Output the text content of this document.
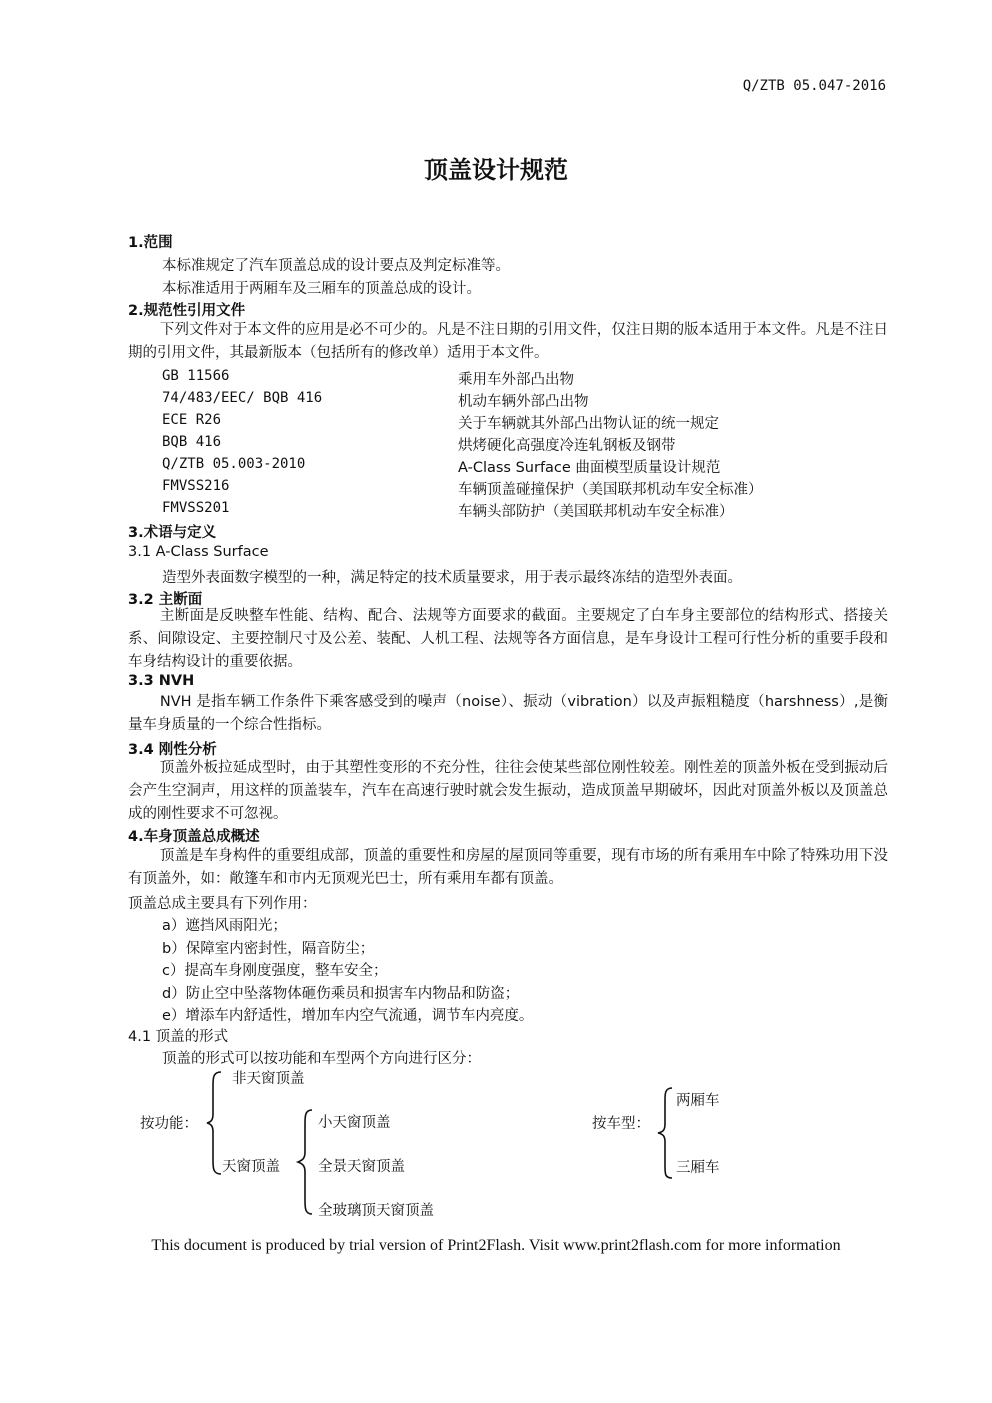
Q/ZTB 05.047-2016
顶盖设计规范
1.范围
本标准规定了汽车顶盖总成的设计要点及判定标准等。
本标准适用于两厢车及三厢车的顶盖总成的设计。
2.规范性引用文件
下列文件对于本文件的应用是必不可少的。凡是不注日期的引用文件，仅注日期的版本适用于本文件。凡是不注日期的引用文件，其最新版本（包括所有的修改单）适用于本文件。
GB 11566	乘用车外部凸出物
74/483/EEC/ BQB 416	机动车辆外部凸出物
ECE R26	关于车辆就其外部凸出物认证的统一规定
BQB 416	烘烤硬化高强度冷连轧钢板及钢带
Q/ZTB 05.003-2010	A-Class Surface 曲面模型质量设计规范
FMVSS216	车辆顶盖碰撞保护（美国联邦机动车安全标准）
FMVSS201	车辆头部防护（美国联邦机动车安全标准）
3.术语与定义
3.1 A-Class Surface
造型外表面数字模型的一种，满足特定的技术质量要求，用于表示最终冻结的造型外表面。
3.2 主断面
主断面是反映整车性能、结构、配合、法规等方面要求的截面。主要规定了白车身主要部位的结构形式、搭接关系、间隙设定、主要控制尺寸及公差、装配、人机工程、法规等各方面信息，是车身设计工程可行性分析的重要手段和车身结构设计的重要依据。
3.3 NVH
NVH 是指车辆工作条件下乘客感受到的噪声（noise）、振动（vibration）以及声振粗糙度（harshness）,是衡量车身质量的一个综合性指标。
3.4 刚性分析
顶盖外板拉延成型时，由于其塑性变形的不充分性，往往会使某些部位刚性较差。刚性差的顶盖外板在受到振动后会产生空洞声，用这样的顶盖装车，汽车在高速行驶时就会发生振动，造成顶盖早期破坏，因此对顶盖外板以及顶盖总成的刚性要求不可忽视。
4.车身顶盖总成概述
顶盖是车身构件的重要组成部，顶盖的重要性和房屋的屋顶同等重要，现有市场的所有乘用车中除了特殊功用下没有顶盖外，如：敞篷车和市内无顶观光巴士，所有乘用车都有顶盖。
顶盖总成主要具有下列作用：
a）遮挡风雨阳光；
b）保障室内密封性，隔音防尘；
c）提高车身刚度强度，整车安全；
d）防止空中坠落物体砸伤乘员和损害车内物品和防盗；
e）增添车内舒适性，增加车内空气流通，调节车内亮度。
4.1 顶盖的形式
顶盖的形式可以按功能和车型两个方向进行区分：
按功能：
非天窗顶盖
天窗顶盖
小天窗顶盖
全景天窗顶盖
全玻璃顶天窗顶盖
按车型：
两厢车
三厢车
This document is produced by trial version of Print2Flash. Visit www.print2flash.com for more information
